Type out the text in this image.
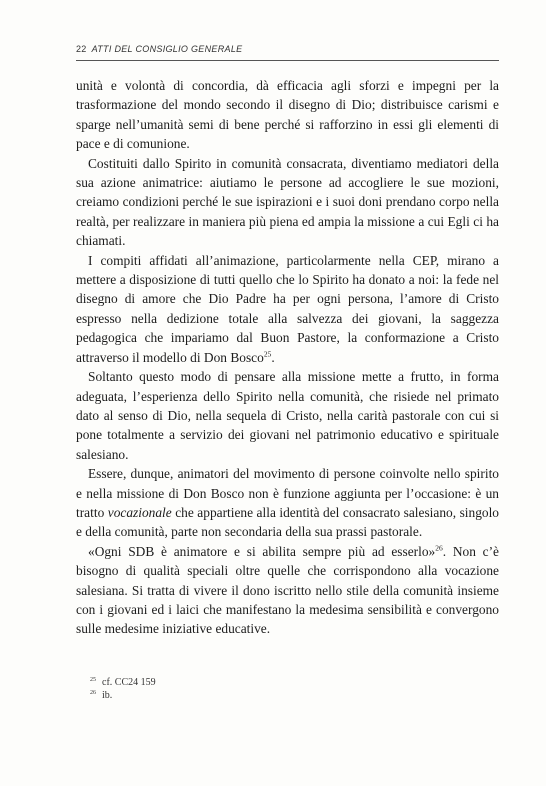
22 ATTI DEL CONSIGLIO GENERALE

unità e volontà di concordia, dà efficacia agli sforzi e impegni per la trasformazione del mondo secondo il disegno di Dio; distribuisce carismi e sparge nell’umanità semi di bene perché si rafforzino in essi gli elementi di pace e di comunione.

Costituiti dallo Spirito in comunità consacrata, diventiamo mediatori della sua azione animatrice: aiutiamo le persone ad accogliere le sue mozioni, creiamo condizioni perché le sue ispirazioni e i suoi doni prendano corpo nella realtà, per realizzare in maniera più piena ed ampia la missione a cui Egli ci ha chiamati.

I compiti affidati all’animazione, particolarmente nella CEP, mirano a mettere a disposizione di tutti quello che lo Spirito ha donato a noi: la fede nel disegno di amore che Dio Padre ha per ogni persona, l’amore di Cristo espresso nella dedizione totale alla salvezza dei giovani, la saggezza pedagogica che impariamo dal Buon Pastore, la conformazione a Cristo attraverso il modello di Don Bosco$^{25}$.

Soltanto questo modo di pensare alla missione mette a frutto, in forma adeguata, l’esperienza dello Spirito nella comunità, che risiede nel primato dato al senso di Dio, nella sequela di Cristo, nella carità pastorale con cui si pone totalmente a servizio dei giovani nel patrimonio educativo e spirituale salesiano.

Essere, dunque, animatori del movimento di persone coinvolte nello spirito e nella missione di Don Bosco non è funzione aggiunta per l’occasione: è un tratto vocazionale che appartiene alla identità del consacrato salesiano, singolo e della comunità, parte non secondaria della sua prassi pastorale.

«Ogni SDB è animatore e si abilita sempre più ad esserlo»$^{26}$. Non c’è bisogno di qualità speciali oltre quelle che corrispondono alla vocazione salesiana. Si tratta di vivere il dono iscritto nello stile della comunità insieme con i giovani ed i laici che manifestano la medesima sensibilità e convergono sulle medesime iniziative educative.

$^{25}$ cf. CC24 159
$^{26}$ ib.
